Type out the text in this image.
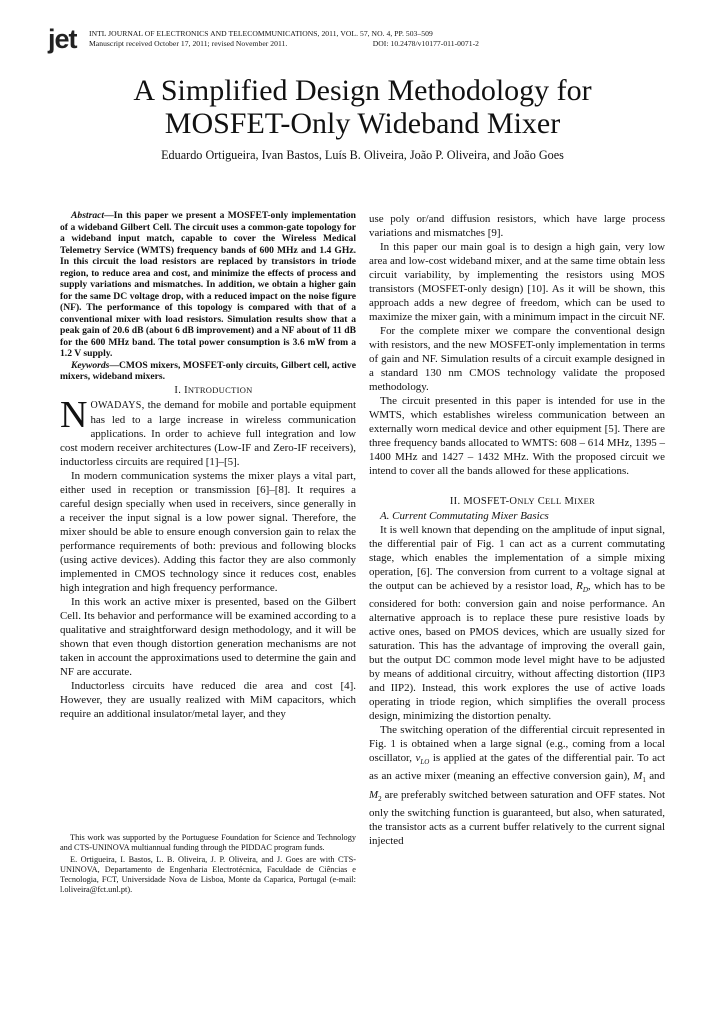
jet INTL JOURNAL OF ELECTRONICS AND TELECOMMUNICATIONS, 2011, VOL. 57, NO. 4, PP. 503–509
Manuscript received October 17, 2011; revised November 2011.	DOI: 10.2478/v10177-011-0071-2
A Simplified Design Methodology for
MOSFET-Only Wideband Mixer
Eduardo Ortigueira, Ivan Bastos, Luís B. Oliveira, João P. Oliveira, and João Goes

Abstract—In this paper we present a MOSFET-only implementation of a wideband Gilbert Cell. The circuit uses a common-gate topology for a wideband input match, capable to cover the Wireless Medical Telemetry Service (WMTS) frequency bands of 600 MHz and 1.4 GHz. In this circuit the load resistors are replaced by transistors in triode region, to reduce area and cost, and minimize the effects of process and supply variations and mismatches. In addition, we obtain a higher gain for the same DC voltage drop, with a reduced impact on the noise figure (NF). The performance of this topology is compared with that of a conventional mixer with load resistors. Simulation results show that a peak gain of 20.6 dB (about 6 dB improvement) and a NF about of 11 dB for the 600 MHz band. The total power consumption is 3.6 mW from a 1.2 V supply.

Keywords—CMOS mixers, MOSFET-only circuits, Gilbert cell, active mixers, wideband mixers.

I. INTRODUCTION

NOWADAYS, the demand for mobile and portable equipment has led to a large increase in wireless communication applications. In order to achieve full integration and low cost modern receiver architectures (Low-IF and Zero-IF receivers), inductorless circuits are required [1]–[5].

In modern communication systems the mixer plays a vital part, either used in reception or transmission [6]–[8]. It requires a careful design specially when used in receivers, since generally in a receiver the input signal is a low power signal. Therefore, the mixer should be able to ensure enough conversion gain to relax the performance requirements of both: previous and following blocks (using active devices). Adding this factor they are also commonly implemented in CMOS technology since it reduces cost, enables high integration and high frequency performance.

In this work an active mixer is presented, based on the Gilbert Cell. Its behavior and performance will be examined according to a qualitative and straightforward design methodology, and it will be shown that even though distortion generation mechanisms are not taken in account the approximations used to determine the gain and NF are accurate.

Inductorless circuits have reduced die area and cost [4]. However, they are usually realized with MiM capacitors, which require an additional insulator/metal layer, and they

This work was supported by the Portuguese Foundation for Science and Technology and CTS-UNINOVA multiannual funding through the PIDDAC program funds.

E. Ortigueira, I. Bastos, L. B. Oliveira, J. P. Oliveira, and J. Goes are with CTS-UNINOVA, Departamento de Engenharia Electrotécnica, Faculdade de Ciências e Tecnologia, FCT, Universidade Nova de Lisboa, Monte da Caparica, Portugal (e-mail: l.oliveira@fct.unl.pt).

use poly or/and diffusion resistors, which have large process variations and mismatches [9].

In this paper our main goal is to design a high gain, very low area and low-cost wideband mixer, and at the same time obtain less circuit variability, by implementing the resistors using MOS transistors (MOSFET-only design) [10]. As it will be shown, this approach adds a new degree of freedom, which can be used to maximize the mixer gain, with a minimum impact in the circuit NF.

For the complete mixer we compare the conventional design with resistors, and the new MOSFET-only implementation in terms of gain and NF. Simulation results of a circuit example designed in a standard 130 nm CMOS technology validate the proposed methodology.

The circuit presented in this paper is intended for use in the WMTS, which establishes wireless communication between an externally worn medical device and other equipment [5]. There are three frequency bands allocated to WMTS: 608 – 614 MHz, 1395 – 1400 MHz and 1427 – 1432 MHz. With the proposed circuit we intend to cover all the bands allowed for these applications.

II. MOSFET-ONLY CELL MIXER

A. Current Commutating Mixer Basics

It is well known that depending on the amplitude of input signal, the differential pair of Fig. 1 can act as a current commutating stage, which enables the implementation of a simple mixing operation, [6]. The conversion from current to a voltage signal at the output can be achieved by a resistor load, $R_D$, which has to be considered for both: conversion gain and noise performance. An alternative approach is to replace these pure resistive loads by active ones, based on PMOS devices, which are usually sized for saturation. This has the advantage of improving the overall gain, but the output DC common mode level might have to be adjusted by means of additional circuitry, without affecting distortion (IIP3 and IIP2). Instead, this work explores the use of active loads operating in triode region, which simplifies the overall process design, minimizing the distortion penalty.

The switching operation of the differential circuit represented in Fig. 1 is obtained when a large signal (e.g., coming from a local oscillator, $v_{LO}$ is applied at the gates of the differential pair. To act as an active mixer (meaning an effective conversion gain), $M_1$ and $M_2$ are preferably switched between saturation and OFF states. Not only the switching function is guaranteed, but also, when saturated, the transistor acts as a current buffer relatively to the current signal injected
